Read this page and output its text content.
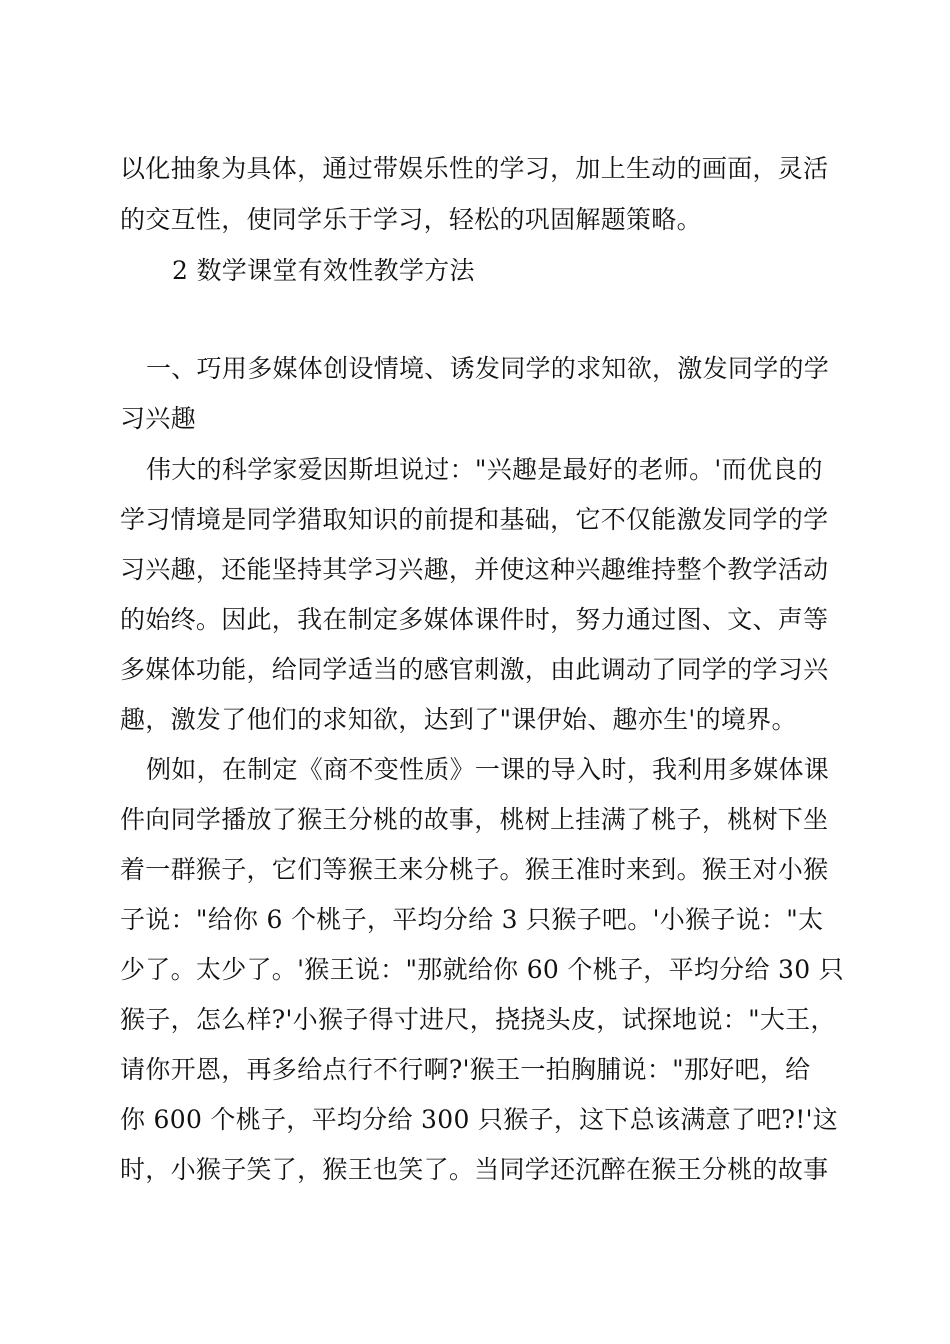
以化抽象为具体，通过带娱乐性的学习，加上生动的画面，灵活
的交互性，使同学乐于学习，轻松的巩固解题策略。
2 数学课堂有效性教学方法
一、巧用多媒体创设情境、诱发同学的求知欲，激发同学的学
习兴趣
伟大的科学家爱因斯坦说过："兴趣是最好的老师。'而优良的
学习情境是同学猎取知识的前提和基础，它不仅能激发同学的学
习兴趣，还能坚持其学习兴趣，并使这种兴趣维持整个教学活动
的始终。因此，我在制定多媒体课件时，努力通过图、文、声等
多媒体功能，给同学适当的感官刺激，由此调动了同学的学习兴
趣，激发了他们的求知欲，达到了"课伊始、趣亦生'的境界。
例如，在制定《商不变性质》一课的导入时，我利用多媒体课
件向同学播放了猴王分桃的故事，桃树上挂满了桃子，桃树下坐
着一群猴子，它们等猴王来分桃子。猴王准时来到。猴王对小猴
子说："给你 6 个桃子，平均分给 3 只猴子吧。'小猴子说："太
少了。太少了。'猴王说："那就给你 60 个桃子，平均分给 30 只
猴子，怎么样?'小猴子得寸进尺，挠挠头皮，试探地说："大王，
请你开恩，再多给点行不行啊?'猴王一拍胸脯说："那好吧，给
你 600 个桃子，平均分给 300 只猴子，这下总该满意了吧?!'这
时，小猴子笑了，猴王也笑了。当同学还沉醉在猴王分桃的故事
